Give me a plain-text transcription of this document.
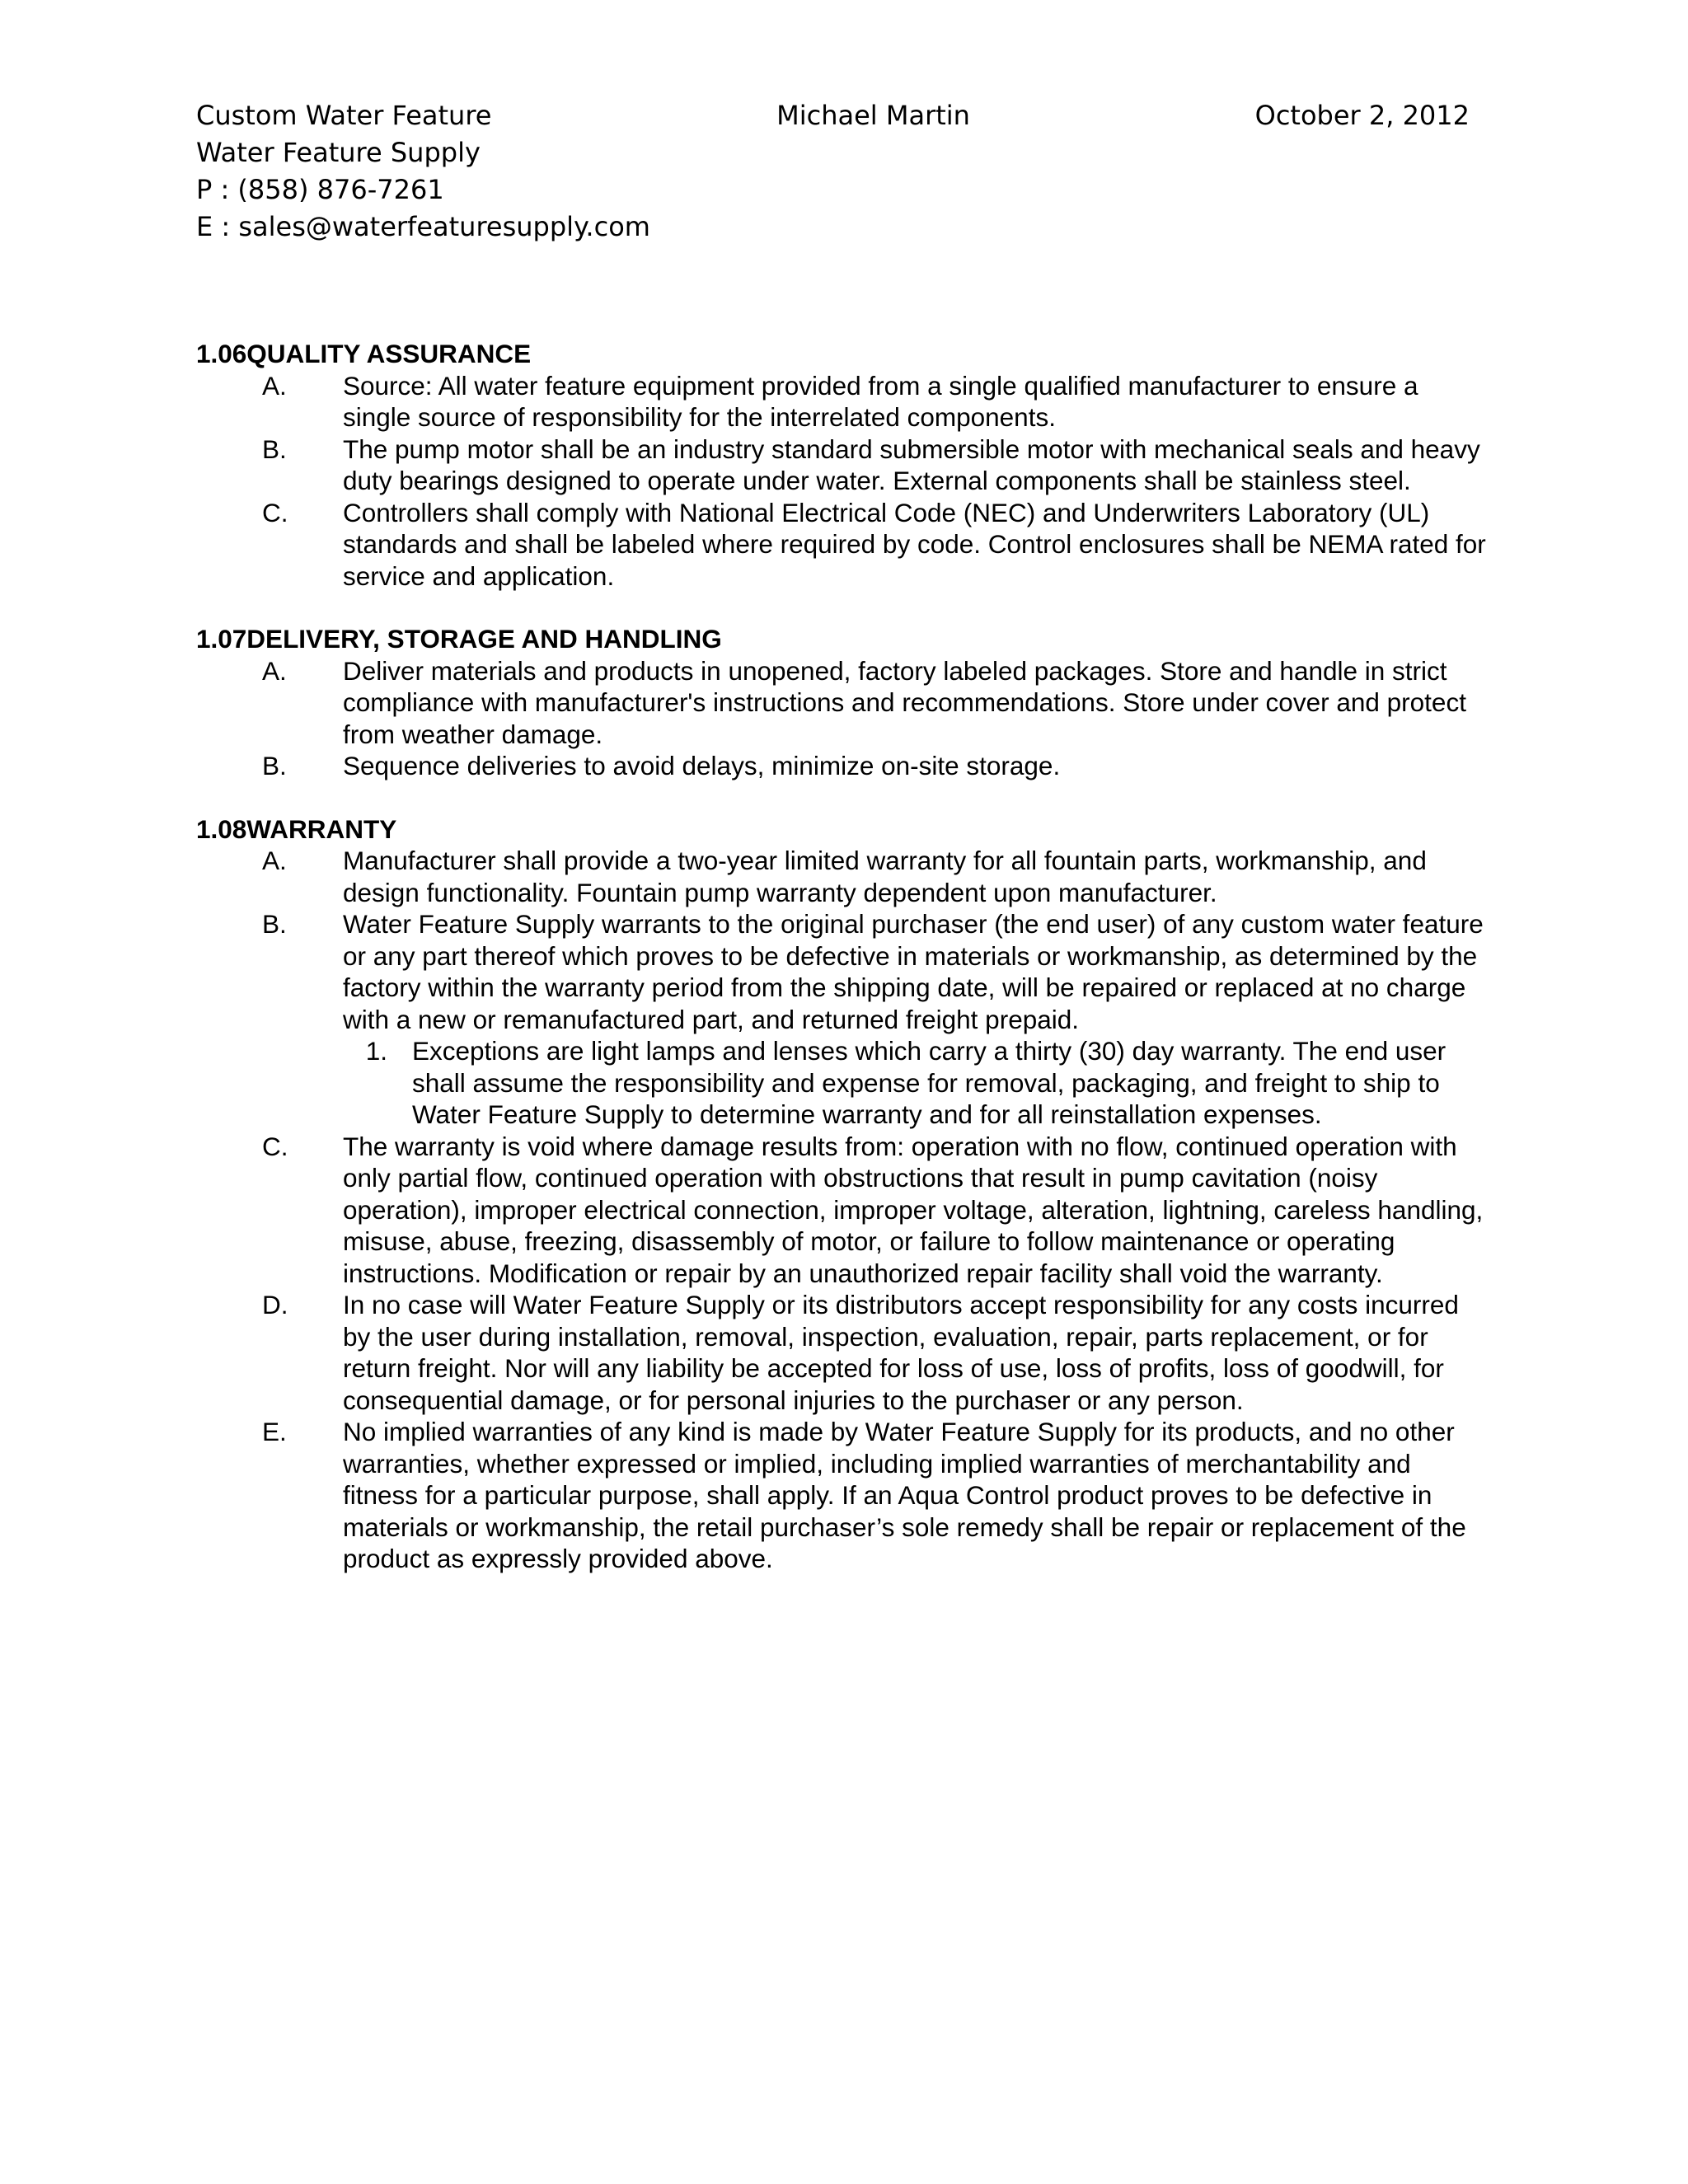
Custom Water Feature	Michael Martin	October 2, 2012
Water Feature Supply
P : (858) 876-7261
E : sales@waterfeaturesupply.com
1.06QUALITY ASSURANCE
A.	Source: All water feature equipment provided from a single qualified manufacturer to ensure a single source of responsibility for the interrelated components.
B.	The pump motor shall be an industry standard submersible motor with mechanical seals and heavy duty bearings designed to operate under water. External components shall be stainless steel.
C.	Controllers shall comply with National Electrical Code (NEC) and Underwriters Laboratory (UL) standards and shall be labeled where required by code. Control enclosures shall be NEMA rated for service and application.
1.07DELIVERY, STORAGE AND HANDLING
A.	Deliver materials and products in unopened, factory labeled packages. Store and handle in strict compliance with manufacturer's instructions and recommendations. Store under cover and protect from weather damage.
B.	Sequence deliveries to avoid delays, minimize on-site storage.
1.08WARRANTY
A.	Manufacturer shall provide a two-year limited warranty for all fountain parts, workmanship, and design functionality. Fountain pump warranty dependent upon manufacturer.
B.	Water Feature Supply warrants to the original purchaser (the end user) of any custom water feature or any part thereof which proves to be defective in materials or workmanship, as determined by the factory within the warranty period from the shipping date, will be repaired or replaced at no charge with a new or remanufactured part, and returned freight prepaid.
1. Exceptions are light lamps and lenses which carry a thirty (30) day warranty. The end user shall assume the responsibility and expense for removal, packaging, and freight to ship to Water Feature Supply to determine warranty and for all reinstallation expenses.
C.	The warranty is void where damage results from: operation with no flow, continued operation with only partial flow, continued operation with obstructions that result in pump cavitation (noisy operation), improper electrical connection, improper voltage, alteration, lightning, careless handling, misuse, abuse, freezing, disassembly of motor, or failure to follow maintenance or operating instructions. Modification or repair by an unauthorized repair facility shall void the warranty.
D.	In no case will Water Feature Supply or its distributors accept responsibility for any costs incurred by the user during installation, removal, inspection, evaluation, repair, parts replacement, or for return freight. Nor will any liability be accepted for loss of use, loss of profits, loss of goodwill, for consequential damage, or for personal injuries to the purchaser or any person.
E.	No implied warranties of any kind is made by Water Feature Supply for its products, and no other warranties, whether expressed or implied, including implied warranties of merchantability and fitness for a particular purpose, shall apply. If an Aqua Control product proves to be defective in materials or workmanship, the retail purchaser’s sole remedy shall be repair or replacement of the product as expressly provided above.
